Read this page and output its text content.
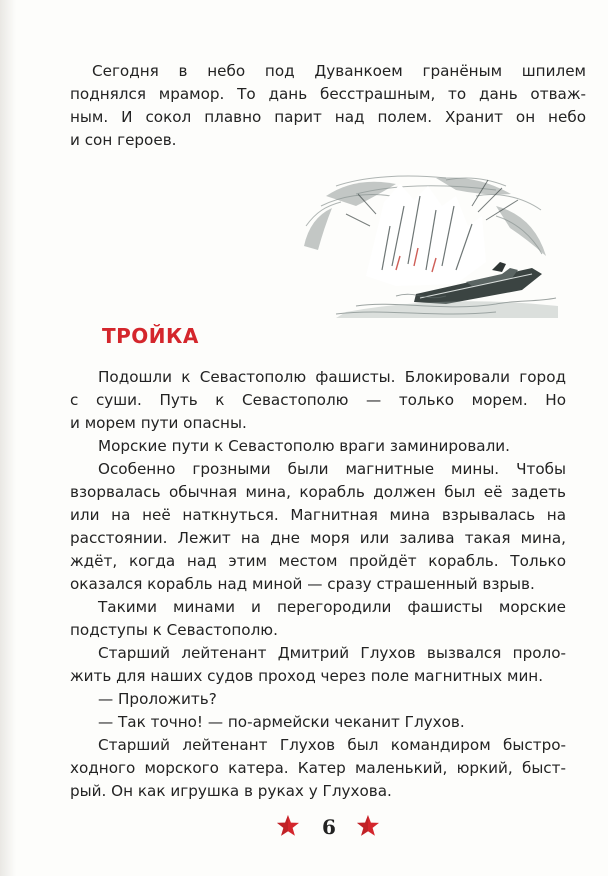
Сегодня в небо под Дуванкоем гранёным шпилем
поднялся мрамор. То дань бесстрашным, то дань отваж-
ным. И сокол плавно парит над полем. Хранит он небо
и сон героев.
ТРОЙКА
Подошли к Севастополю фашисты. Блокировали город
с суши. Путь к Севастополю — только морем. Но
и морем пути опасны.
Морские пути к Севастополю враги заминировали.
Особенно грозными были магнитные мины. Чтобы
взорвалась обычная мина, корабль должен был её задеть
или на неё наткнуться. Магнитная мина взрывалась на
расстоянии. Лежит на дне моря или залива такая мина,
ждёт, когда над этим местом пройдёт корабль. Только
оказался корабль над миной — сразу страшенный взрыв.
Такими минами и перегородили фашисты морские
подступы к Севастополю.
Старший лейтенант Дмитрий Глухов вызвался проло-
жить для наших судов проход через поле магнитных мин.
— Проложить?
— Так точно! — по-армейски чеканит Глухов.
Старший лейтенант Глухов был командиром быстро-
ходного морского катера. Катер маленький, юркий, быст-
рый. Он как игрушка в руках у Глухова.
6
